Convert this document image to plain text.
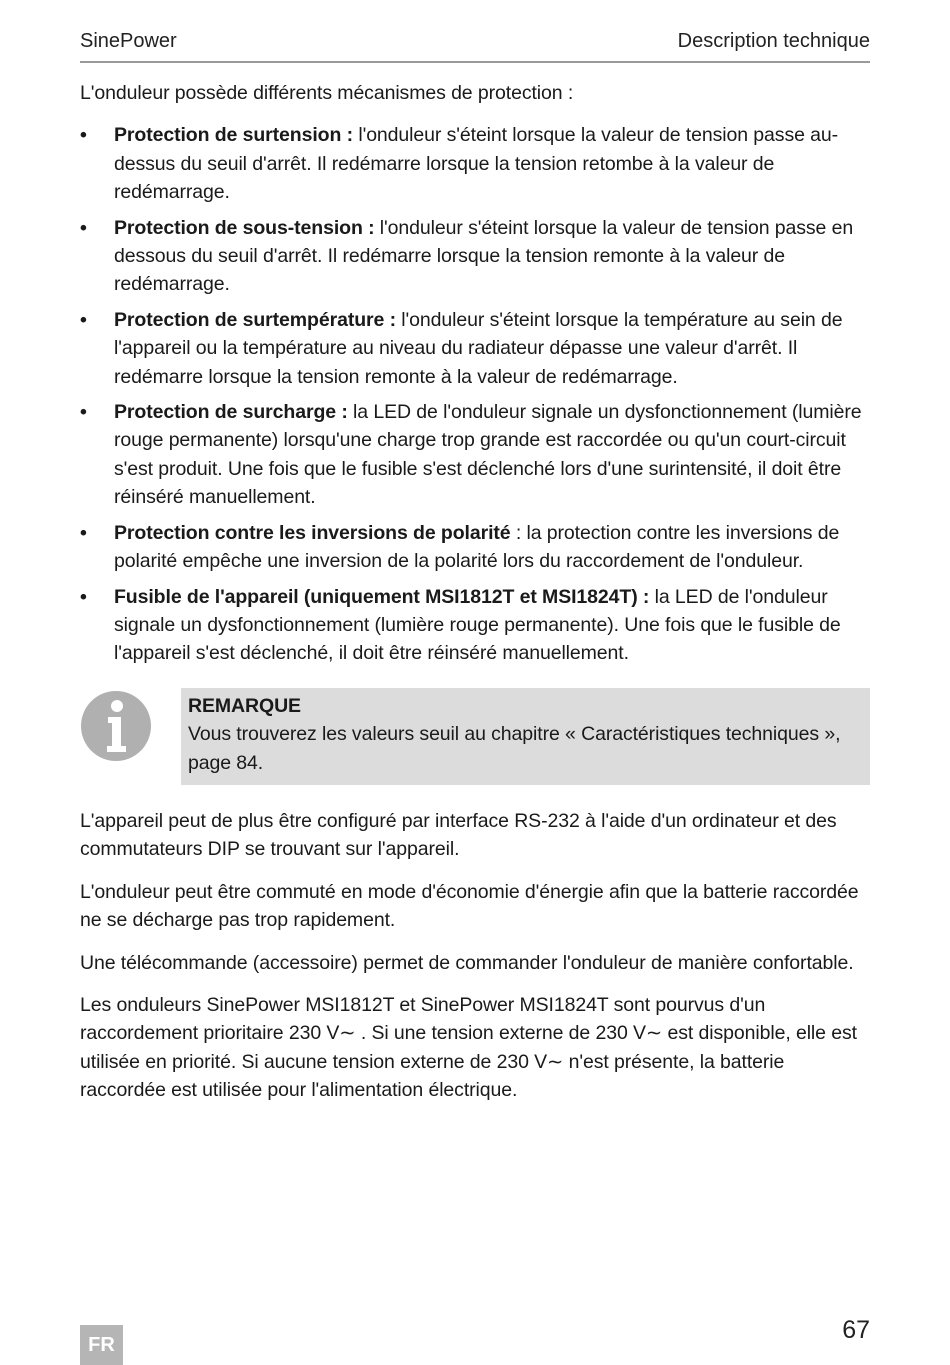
SinePower	Description technique

L'onduleur possède différents mécanismes de protection :

• Protection de surtension : l'onduleur s'éteint lorsque la valeur de tension passe au-dessus du seuil d'arrêt. Il redémarre lorsque la tension retombe à la valeur de redémarrage.
• Protection de sous-tension : l'onduleur s'éteint lorsque la valeur de tension passe en dessous du seuil d'arrêt. Il redémarre lorsque la tension remonte à la valeur de redémarrage.
• Protection de surtempérature : l'onduleur s'éteint lorsque la température au sein de l'appareil ou la température au niveau du radiateur dépasse une valeur d'arrêt. Il redémarre lorsque la tension remonte à la valeur de redémarrage.
• Protection de surcharge : la LED de l'onduleur signale un dysfonctionnement (lumière rouge permanente) lorsqu'une charge trop grande est raccordée ou qu'un court-circuit s'est produit. Une fois que le fusible s'est déclenché lors d'une surintensité, il doit être réinséré manuellement.
• Protection contre les inversions de polarité : la protection contre les inversions de polarité empêche une inversion de la polarité lors du raccordement de l'onduleur.
• Fusible de l'appareil (uniquement MSI1812T et MSI1824T) : la LED de l'onduleur signale un dysfonctionnement (lumière rouge permanente). Une fois que le fusible de l'appareil s'est déclenché, il doit être réinséré manuellement.
REMARQUE
Vous trouverez les valeurs seuil au chapitre « Caractéristiques techniques », page 84.

L'appareil peut de plus être configuré par interface RS-232 à l'aide d'un ordinateur et des commutateurs DIP se trouvant sur l'appareil.

L'onduleur peut être commuté en mode d'économie d'énergie afin que la batterie raccordée ne se décharge pas trop rapidement.

Une télécommande (accessoire) permet de commander l'onduleur de manière confortable.

Les onduleurs SinePower MSI1812T et SinePower MSI1824T sont pourvus d'un raccordement prioritaire 230 V∼ . Si une tension externe de 230 V∼ est disponible, elle est utilisée en priorité. Si aucune tension externe de 230 V∼ n'est présente, la batterie raccordée est utilisée pour l'alimentation électrique.

FR
67
